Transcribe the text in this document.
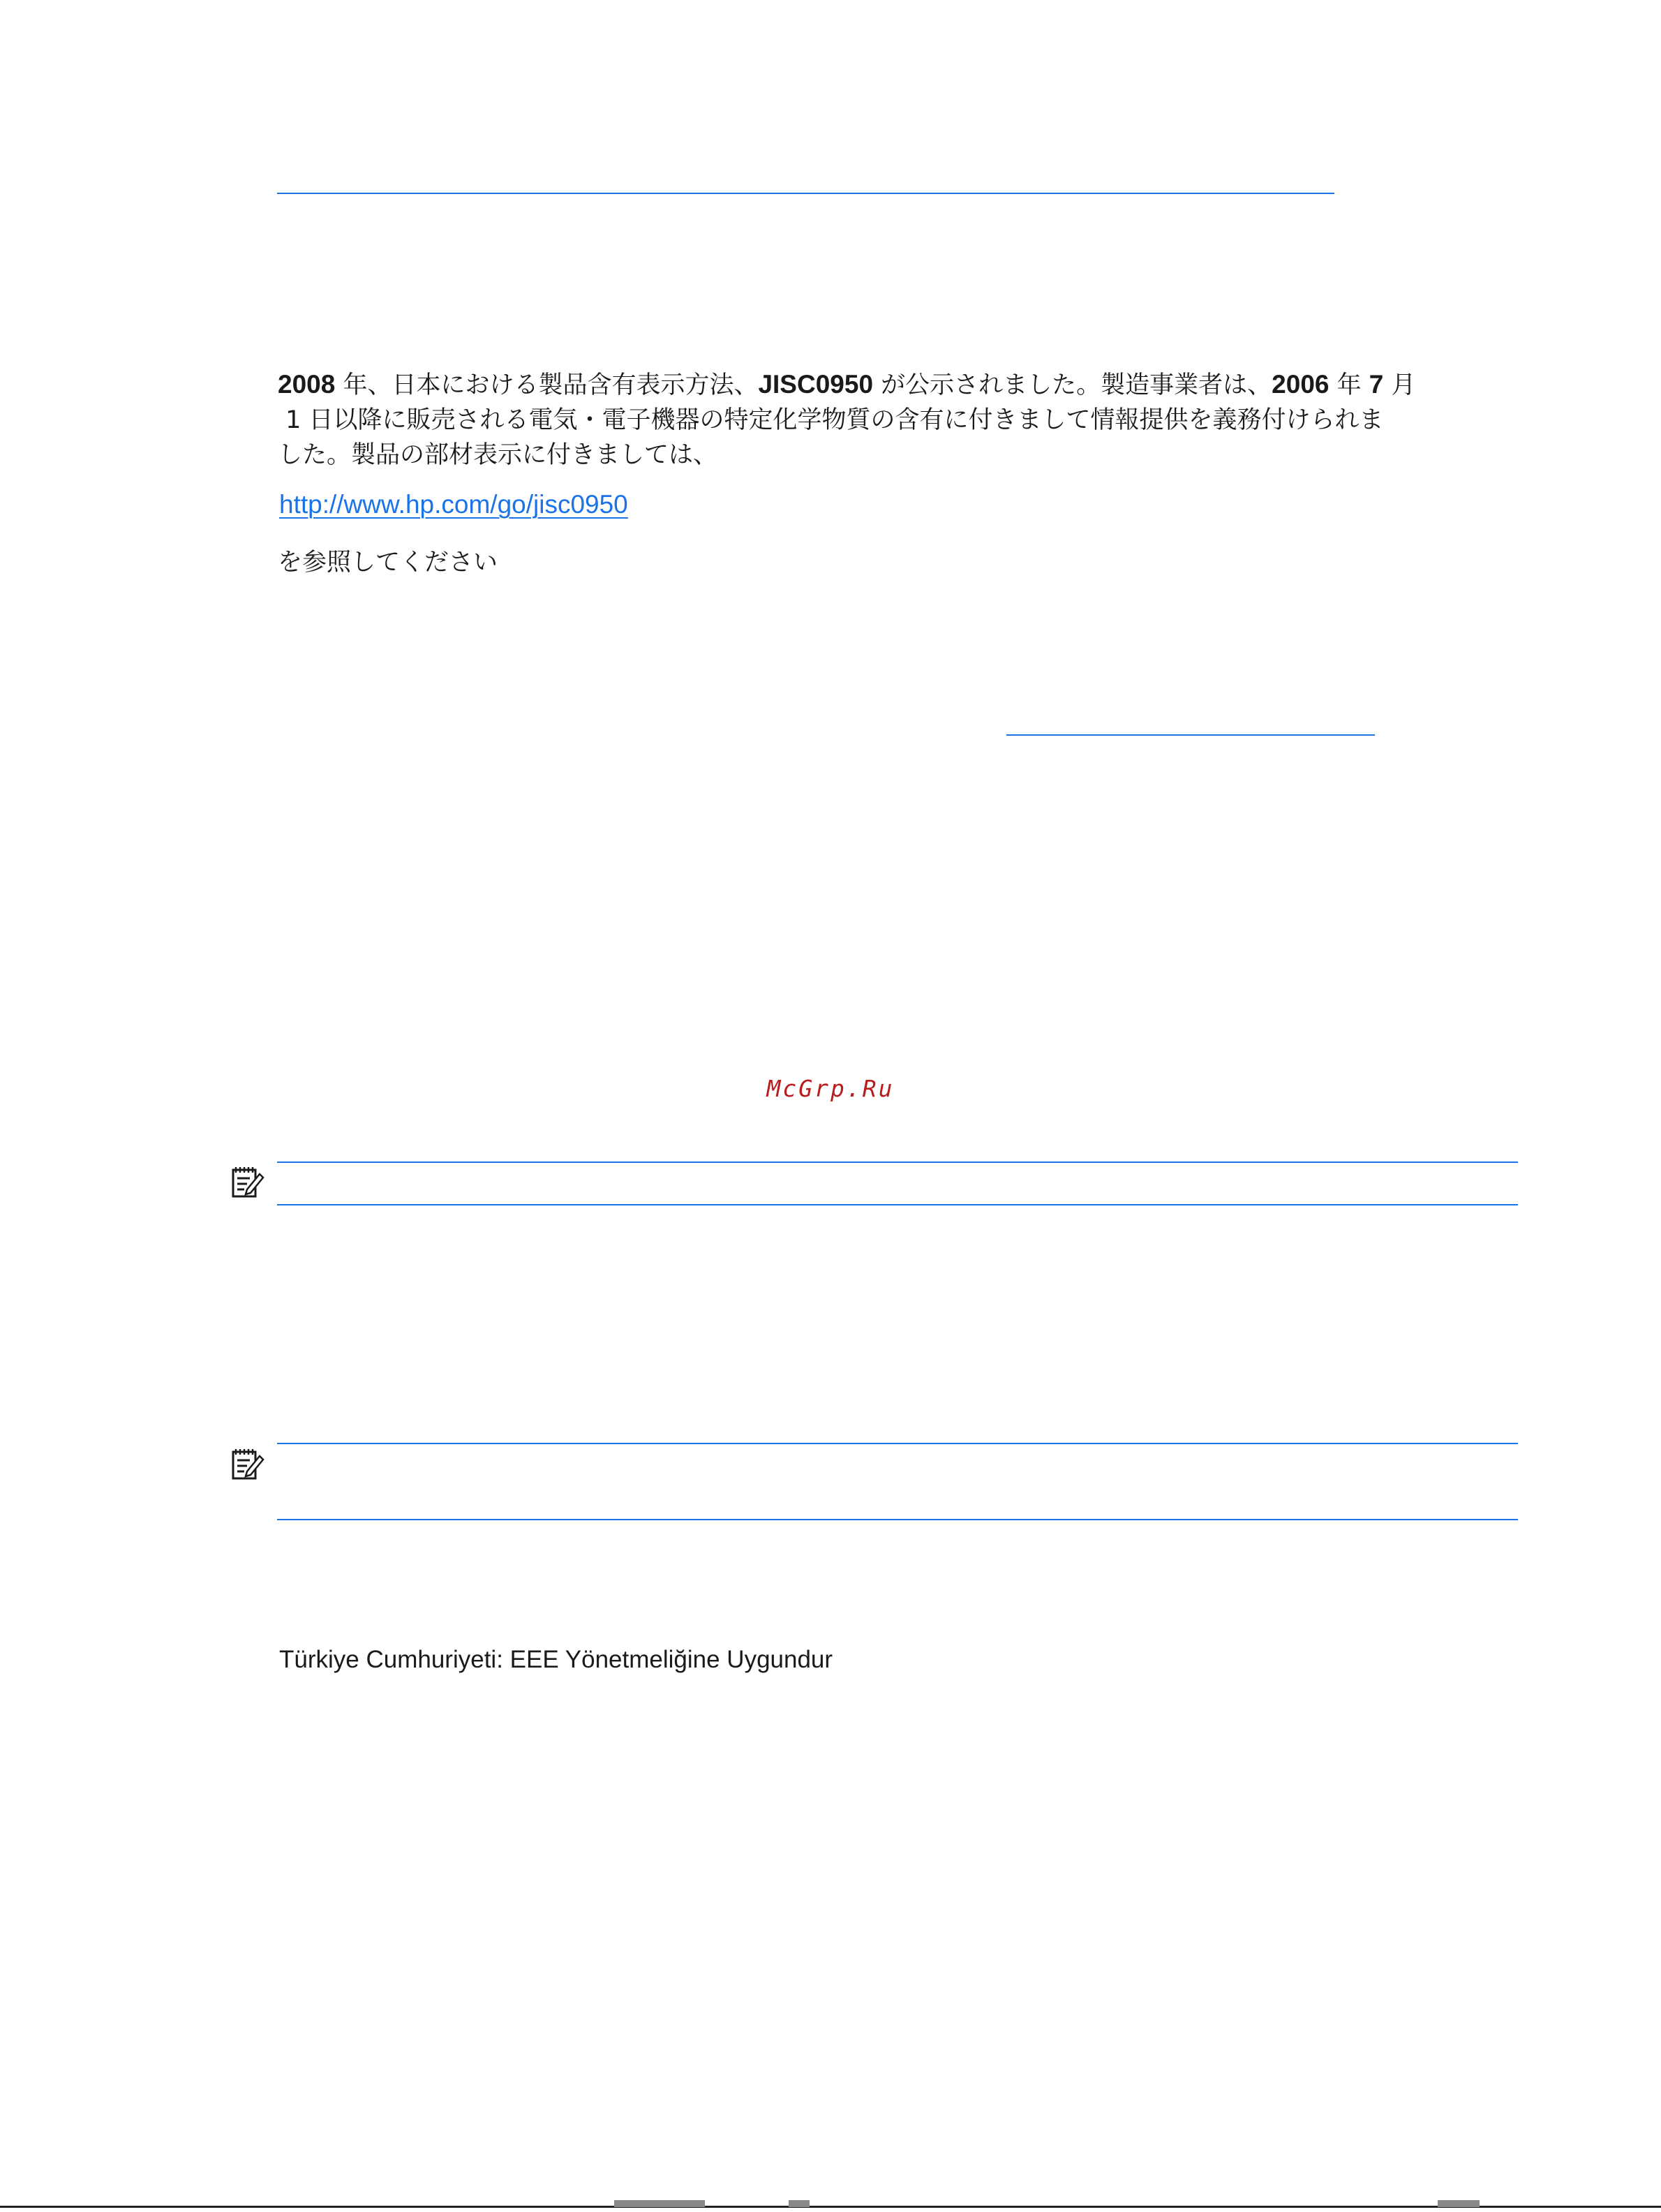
2008 年、日本における製品含有表示方法、JISC0950 が公示されました。製造事業者は、2006 年 7 月
1 日以降に販売される電気・電子機器の特定化学物質の含有に付きまして情報提供を義務付けられま
した。製品の部材表示に付きましては、

http://www.hp.com/go/jisc0950
を参照してください
McGrp.Ru
Türkiye Cumhuriyeti: EEE Yönetmeliğine Uygundur
